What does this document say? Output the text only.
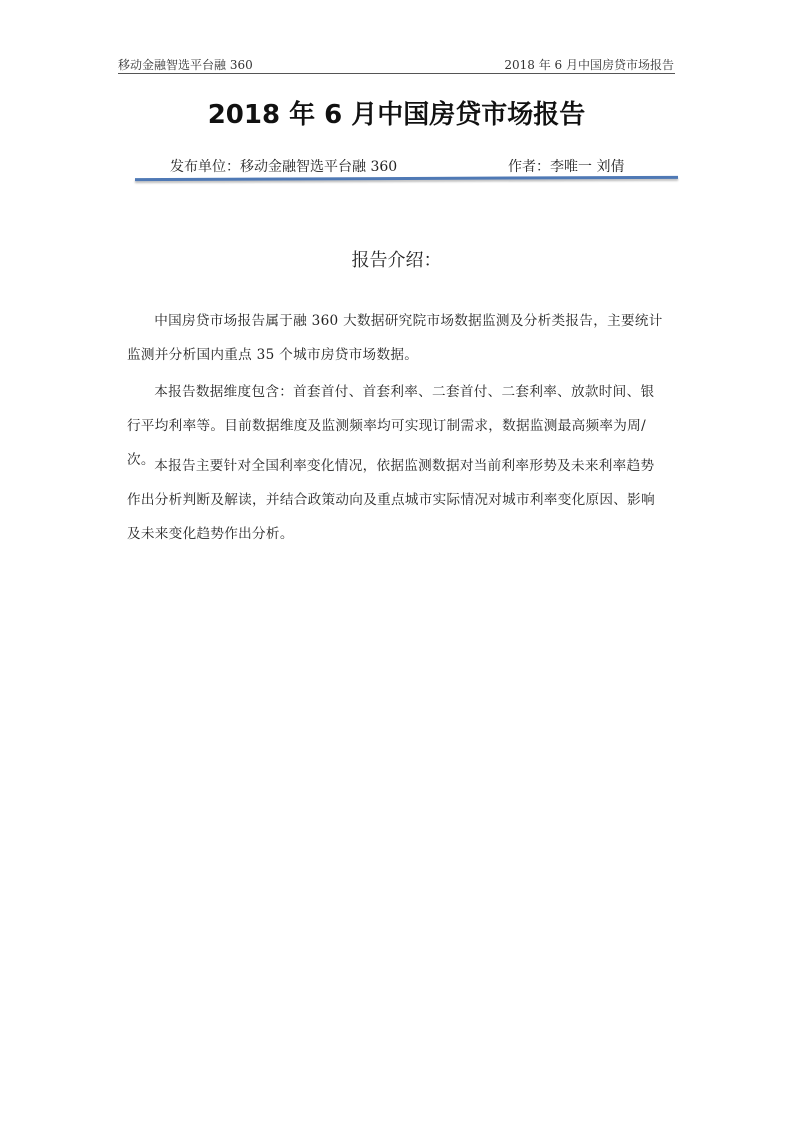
移动金融智选平台融 360	2018 年 6 月中国房贷市场报告
2018 年 6 月中国房贷市场报告
发布单位：移动金融智选平台融 360	作者：李唯一 刘倩
报告介绍：

中国房贷市场报告属于融 360 大数据研究院市场数据监测及分析类报告，主要统计监测并分析国内重点 35 个城市房贷市场数据。

本报告数据维度包含：首套首付、首套利率、二套首付、二套利率、放款时间、银 行平均利率等。目前数据维度及监测频率均可实现订制需求，数据监测最高频率为周/ 次。 本报告主要针对全国利率变化情况，依据监测数据对当前利率形势及未来利率趋势作出分析判断及解读，并结合政策动向及重点城市实际情况对城市利率变化原因、影响及未来变化趋势作出分析。
